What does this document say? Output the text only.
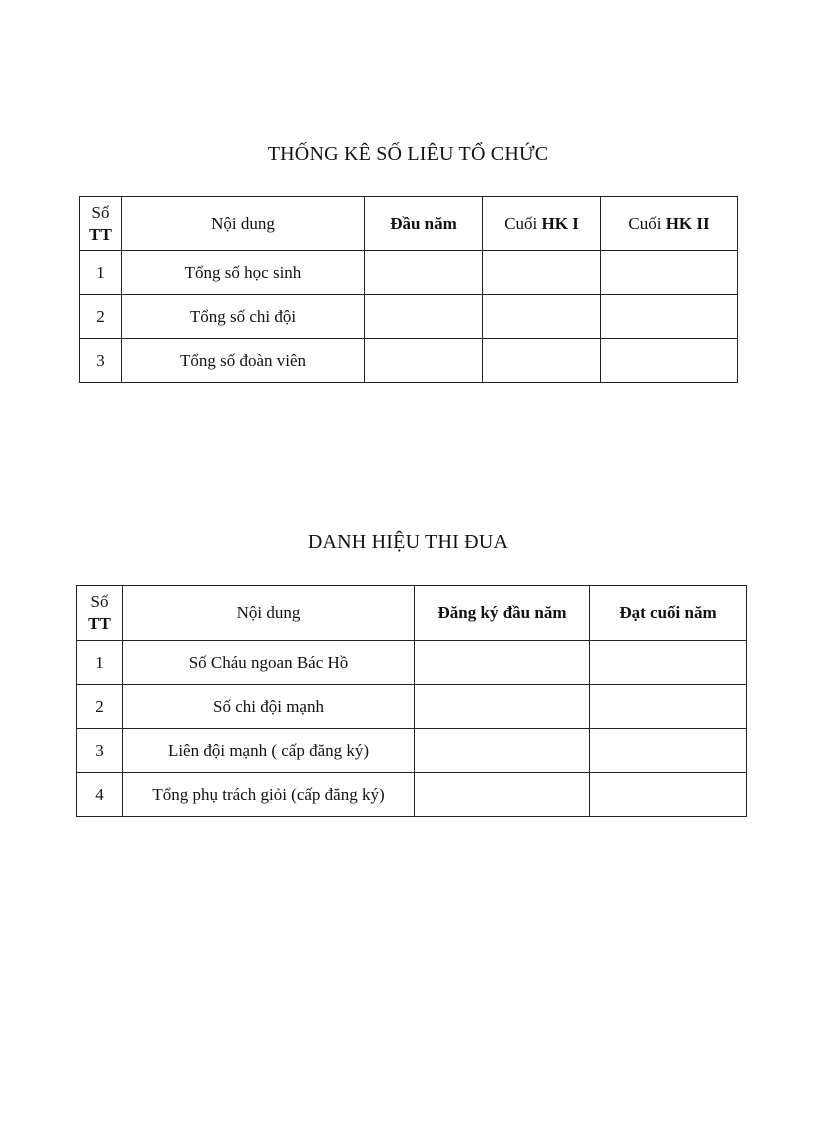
THỐNG KÊ SỐ LIÊU TỔ CHỨC
Số
TT	Nội dung	Đầu năm	Cuối HK I	Cuối HK II
1	Tổng số học sinh			
2	Tổng số chi đội			
3	Tổng số đoàn viên			
DANH HIỆU THI ĐUA
Số
TT	Nội dung	Đăng ký đầu năm	Đạt cuối năm
1	Số Cháu ngoan Bác Hồ		
2	Số chi đội mạnh		
3	Liên đội mạnh ( cấp đăng ký)		
4	Tổng phụ trách giỏi (cấp đăng ký)		
